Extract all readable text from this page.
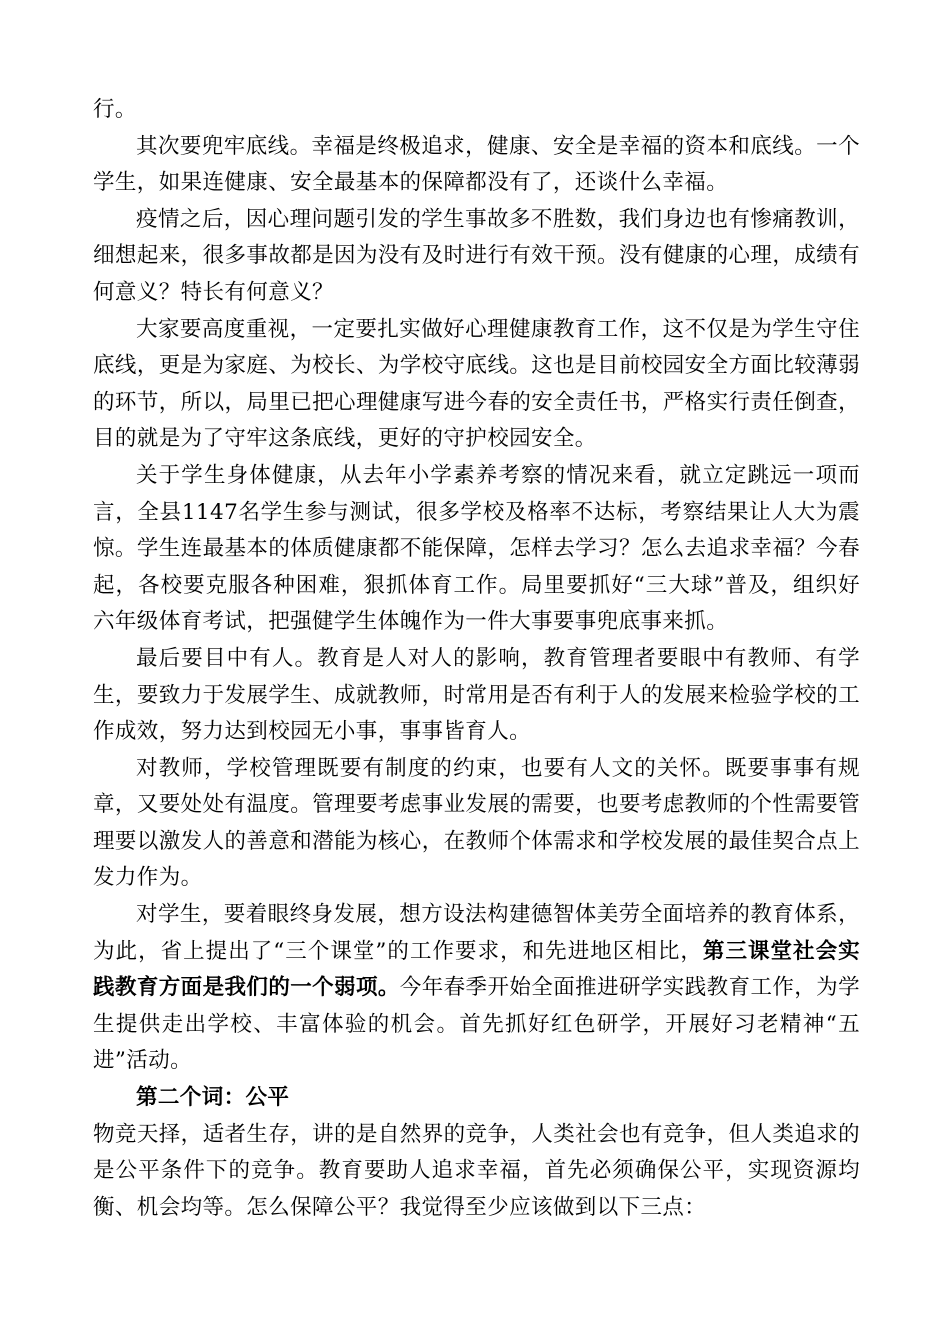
行。

其次要兜牢底线。幸福是终极追求，健康、安全是幸福的资本和底线。一个学生，如果连健康、安全最基本的保障都没有了，还谈什么幸福。

疫情之后，因心理问题引发的学生事故多不胜数，我们身边也有惨痛教训，细想起来，很多事故都是因为没有及时进行有效干预。没有健康的心理，成绩有何意义？特长有何意义？

大家要高度重视，一定要扎实做好心理健康教育工作，这不仅是为学生守住底线，更是为家庭、为校长、为学校守底线。这也是目前校园安全方面比较薄弱的环节，所以，局里已把心理健康写进今春的安全责任书，严格实行责任倒查，目的就是为了守牢这条底线，更好的守护校园安全。

关于学生身体健康，从去年小学素养考察的情况来看，就立定跳远一项而言，全县1147名学生参与测试，很多学校及格率不达标，考察结果让人大为震惊。学生连最基本的体质健康都不能保障，怎样去学习？怎么去追求幸福？今春起，各校要克服各种困难，狠抓体育工作。局里要抓好“三大球”普及，组织好六年级体育考试，把强健学生体魄作为一件大事要事兜底事来抓。

最后要目中有人。教育是人对人的影响，教育管理者要眼中有教师、有学生，要致力于发展学生、成就教师，时常用是否有利于人的发展来检验学校的工作成效，努力达到校园无小事，事事皆育人。

对教师，学校管理既要有制度的约束，也要有人文的关怀。既要事事有规章，又要处处有温度。管理要考虑事业发展的需要，也要考虑教师的个性需要管理要以激发人的善意和潜能为核心，在教师个体需求和学校发展的最佳契合点上发力作为。

对学生，要着眼终身发展，想方设法构建德智体美劳全面培养的教育体系，为此，省上提出了“三个课堂”的工作要求，和先进地区相比，第三课堂社会实践教育方面是我们的一个弱项。今年春季开始全面推进研学实践教育工作，为学生提供走出学校、丰富体验的机会。首先抓好红色研学，开展好习老精神“五进”活动。

第二个词：公平

物竞天择，适者生存，讲的是自然界的竞争，人类社会也有竞争，但人类追求的是公平条件下的竞争。教育要助人追求幸福，首先必须确保公平，实现资源均衡、机会均等。怎么保障公平？我觉得至少应该做到以下三点：
